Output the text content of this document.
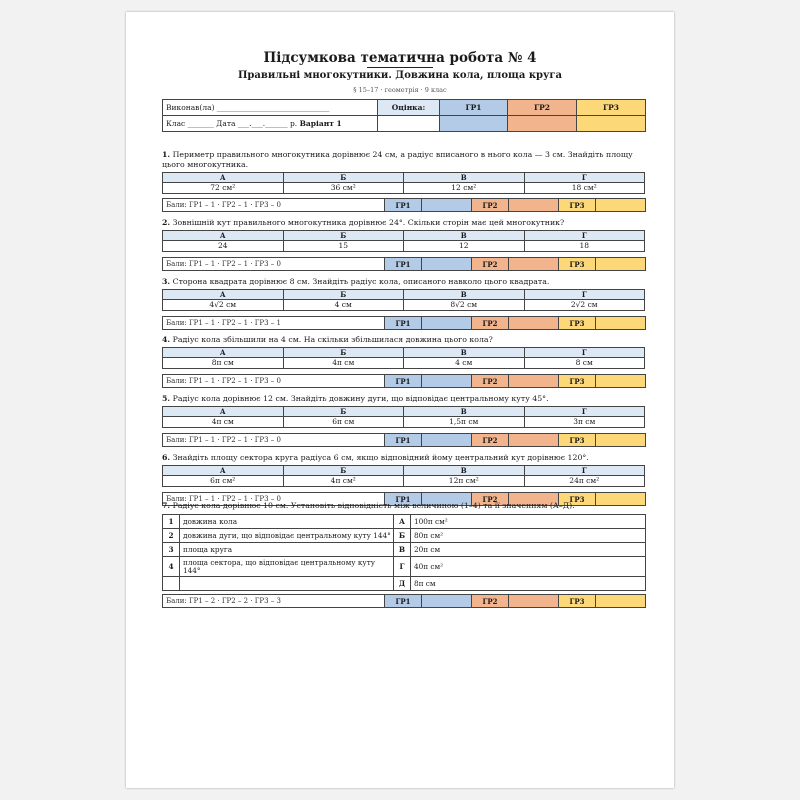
Підсумкова тематична робота № 4
Правильні многокутники. Довжина кола, площа круга
§ 15–17 · геометрія · 9 клас
Виконав(ла) ______________________________	Оцінка:	ГР1	ГР2	ГР3
Клас _______ Дата ___.___.______ р. Варіант 1				
1. Периметр правильного многокутника дорівнює 24 см, а радіус вписаного в нього кола — 3 см. Знайдіть площу цього многокутника.
А	Б	В	Г
72 см²	36 см²	12 см²	18 см²
Бали: ГР1 – 1 · ГР2 – 1 · ГР3 – 0	ГР1		ГР2		ГР3	
2. Зовнішній кут правильного многокутника дорівнює 24°. Скільки сторін має цей многокутник?
А	Б	В	Г
24	15	12	18
Бали: ГР1 – 1 · ГР2 – 1 · ГР3 – 0	ГР1		ГР2		ГР3	
3. Сторона квадрата дорівнює 8 см. Знайдіть радіус кола, описаного навколо цього квадрата.
А	Б	В	Г
4√2 см	4 см	8√2 см	2√2 см
Бали: ГР1 – 1 · ГР2 – 1 · ГР3 – 1	ГР1		ГР2		ГР3	
4. Радіус кола збільшили на 4 см. На скільки збільшилася довжина цього кола?
А	Б	В	Г
8π см	4π см	4 см	8 см
Бали: ГР1 – 1 · ГР2 – 1 · ГР3 – 0	ГР1		ГР2		ГР3	
5. Радіус кола дорівнює 12 см. Знайдіть довжину дуги, що відповідає центральному куту 45°.
А	Б	В	Г
4π см	6π см	1,5π см	3π см
Бали: ГР1 – 1 · ГР2 – 1 · ГР3 – 0	ГР1		ГР2		ГР3	
6. Знайдіть площу сектора круга радіуса 6 см, якщо відповідний йому центральний кут дорівнює 120°.
А	Б	В	Г
6π см²	4π см²	12π см²	24π см²
Бали: ГР1 – 1 · ГР2 – 1 · ГР3 – 0	ГР1		ГР2		ГР3	
7. Радіус кола дорівнює 10 см. Установіть відповідність між величиною (1–4) та її значенням (А–Д).
1	довжина кола	А	100π см²
2	довжина дуги, що відповідає центральному куту 144°	Б	80π см²
3	площа круга	В	20π см
4	площа сектора, що відповідає центральному куту 144°	Г	40π см²
		Д	8π см
Бали: ГР1 – 2 · ГР2 – 2 · ГР3 – 3	ГР1		ГР2		ГР3	
